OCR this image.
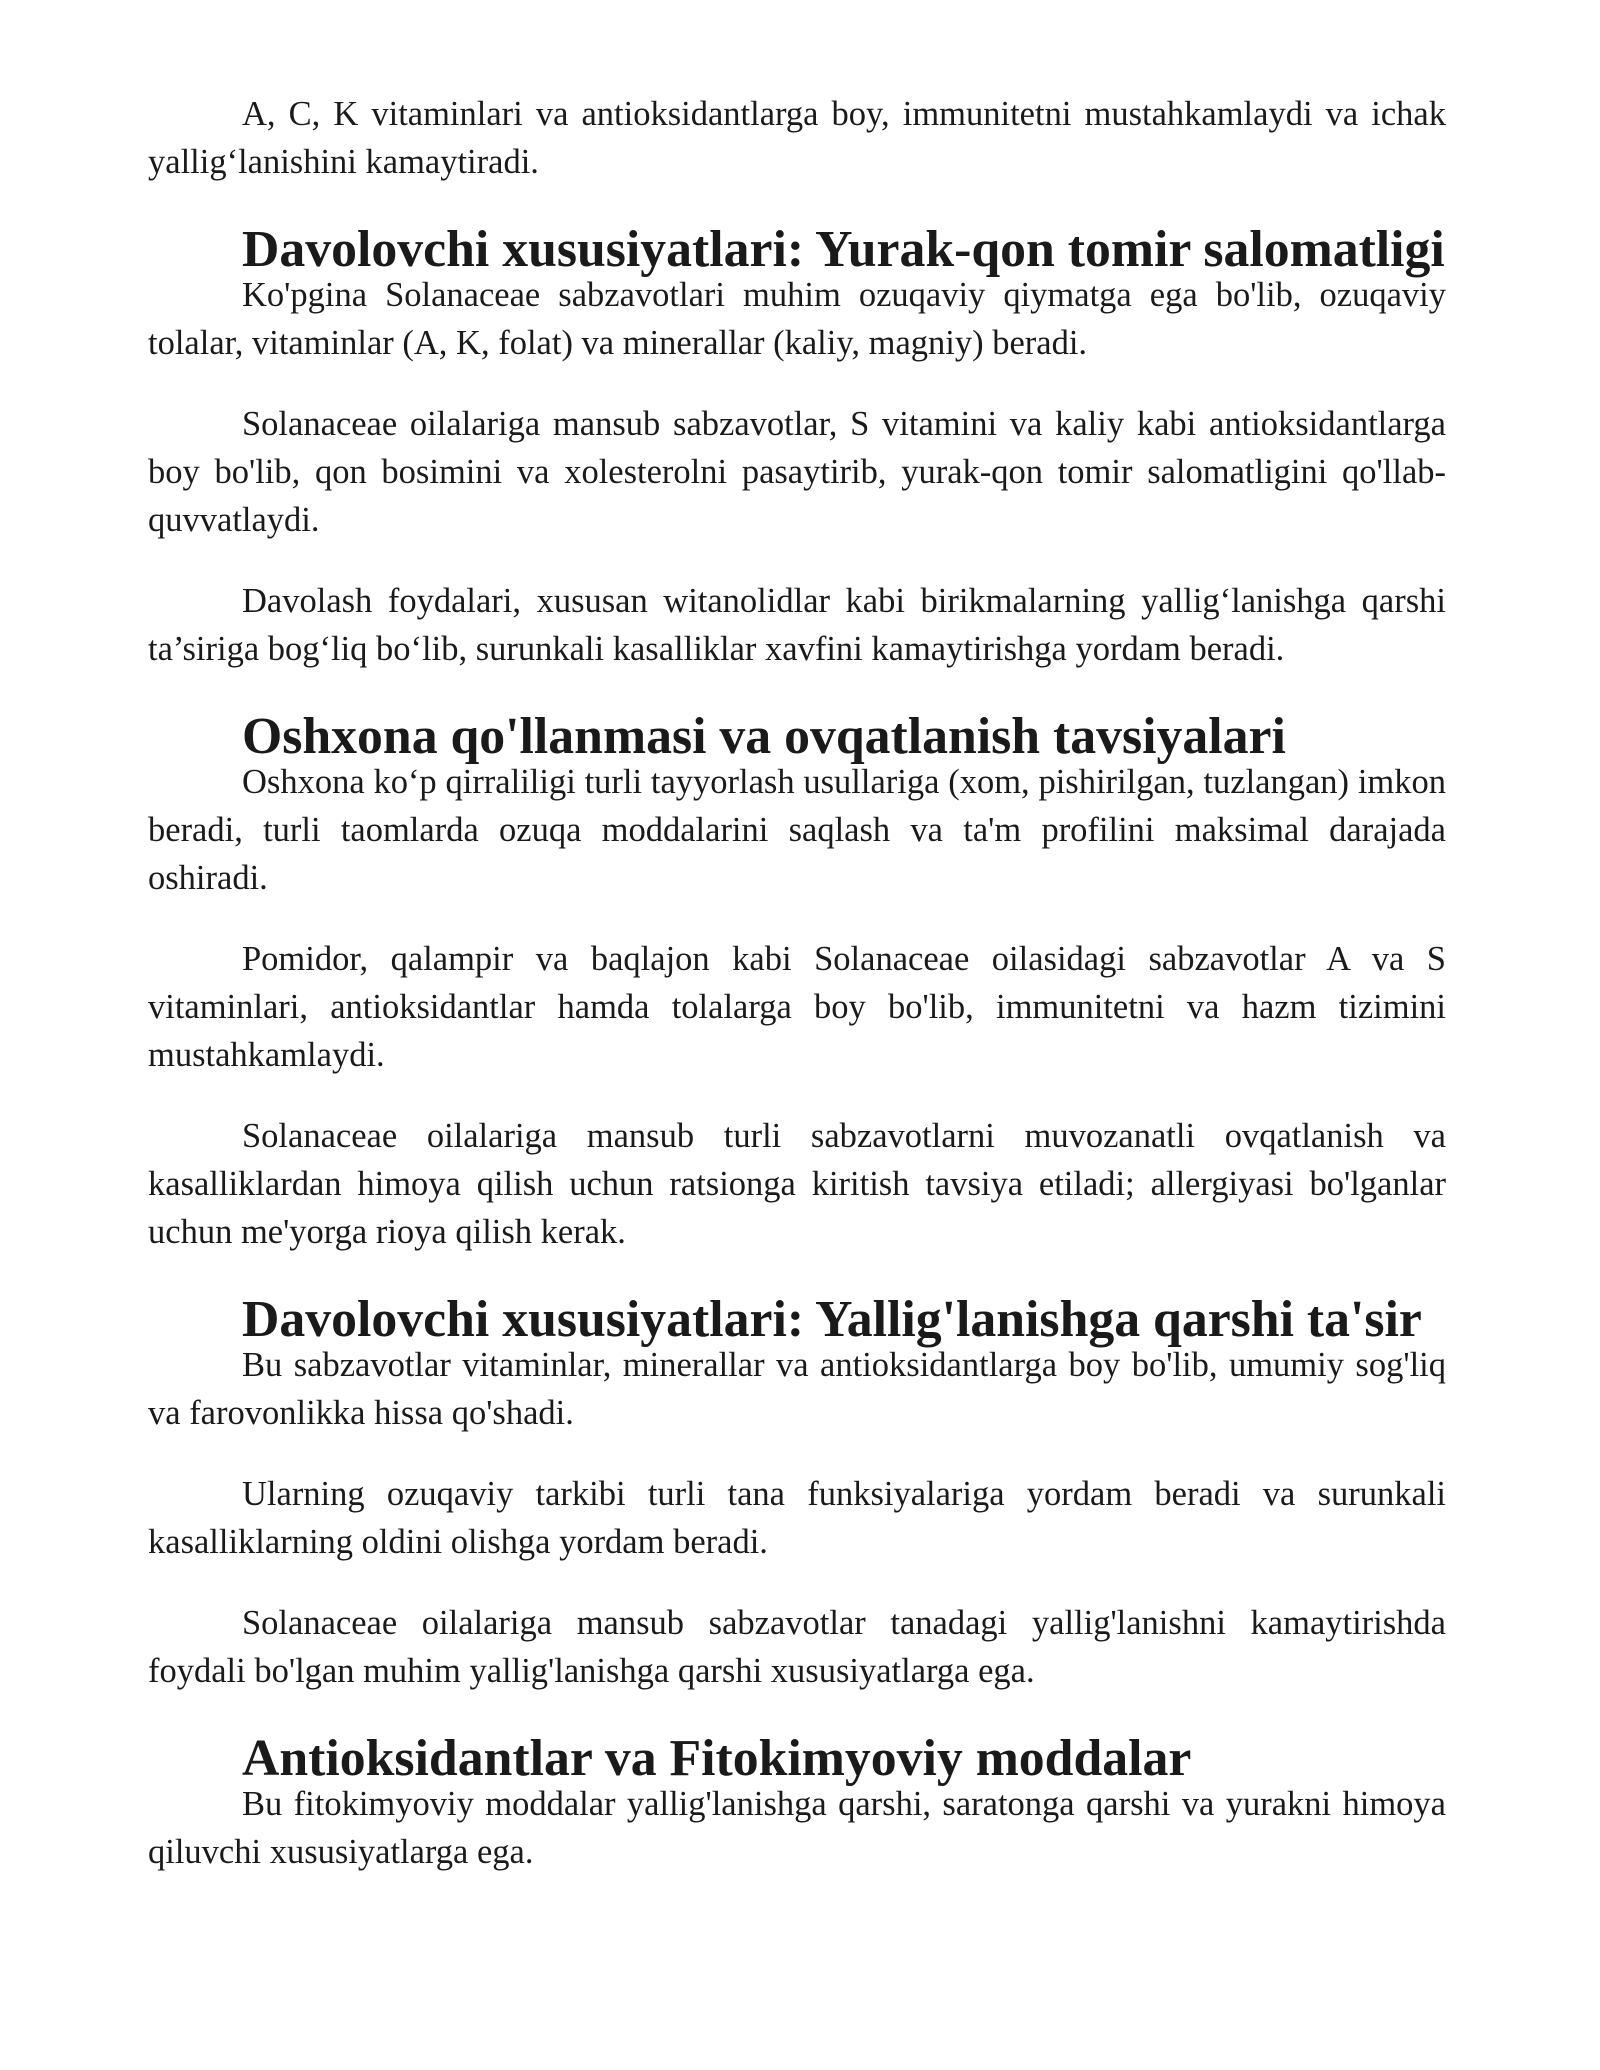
A, C, K vitaminlari va antioksidantlarga boy, immunitetni mustahkamlaydi va ichak yallig‘lanishini kamaytiradi.

Davolovchi xususiyatlari: Yurak-qon tomir salomatligi

Ko'pgina Solanaceae sabzavotlari muhim ozuqaviy qiymatga ega bo'lib, ozuqaviy tolalar, vitaminlar (A, K, folat) va minerallar (kaliy, magniy) beradi.

Solanaceae oilalariga mansub sabzavotlar, S vitamini va kaliy kabi antioksidantlarga boy bo'lib, qon bosimini va xolesterolni pasaytirib, yurak-qon tomir salomatligini qo'llab-quvvatlaydi.

Davolash foydalari, xususan witanolidlar kabi birikmalarning yallig‘lanishga qarshi ta’siriga bog‘liq bo‘lib, surunkali kasalliklar xavfini kamaytirishga yordam beradi.

Oshxona qo'llanmasi va ovqatlanish tavsiyalari

Oshxona ko‘p qirraliligi turli tayyorlash usullariga (xom, pishirilgan, tuzlangan) imkon beradi, turli taomlarda ozuqa moddalarini saqlash va ta'm profilini maksimal darajada oshiradi.

Pomidor, qalampir va baqlajon kabi Solanaceae oilasidagi sabzavotlar A va S vitaminlari, antioksidantlar hamda tolalarga boy bo'lib, immunitetni va hazm tizimini mustahkamlaydi.

Solanaceae oilalariga mansub turli sabzavotlarni muvozanatli ovqatlanish va kasalliklardan himoya qilish uchun ratsionga kiritish tavsiya etiladi; allergiyasi bo'lganlar uchun me'yorga rioya qilish kerak.

Davolovchi xususiyatlari: Yallig'lanishga qarshi ta'sir

Bu sabzavotlar vitaminlar, minerallar va antioksidantlarga boy bo'lib, umumiy sog'liq va farovonlikka hissa qo'shadi.

Ularning ozuqaviy tarkibi turli tana funksiyalariga yordam beradi va surunkali kasalliklarning oldini olishga yordam beradi.

Solanaceae oilalariga mansub sabzavotlar tanadagi yallig'lanishni kamaytirishda foydali bo'lgan muhim yallig'lanishga qarshi xususiyatlarga ega.

Antioksidantlar va Fitokimyoviy moddalar

Bu fitokimyoviy moddalar yallig'lanishga qarshi, saratonga qarshi va yurakni himoya qiluvchi xususiyatlarga ega.
